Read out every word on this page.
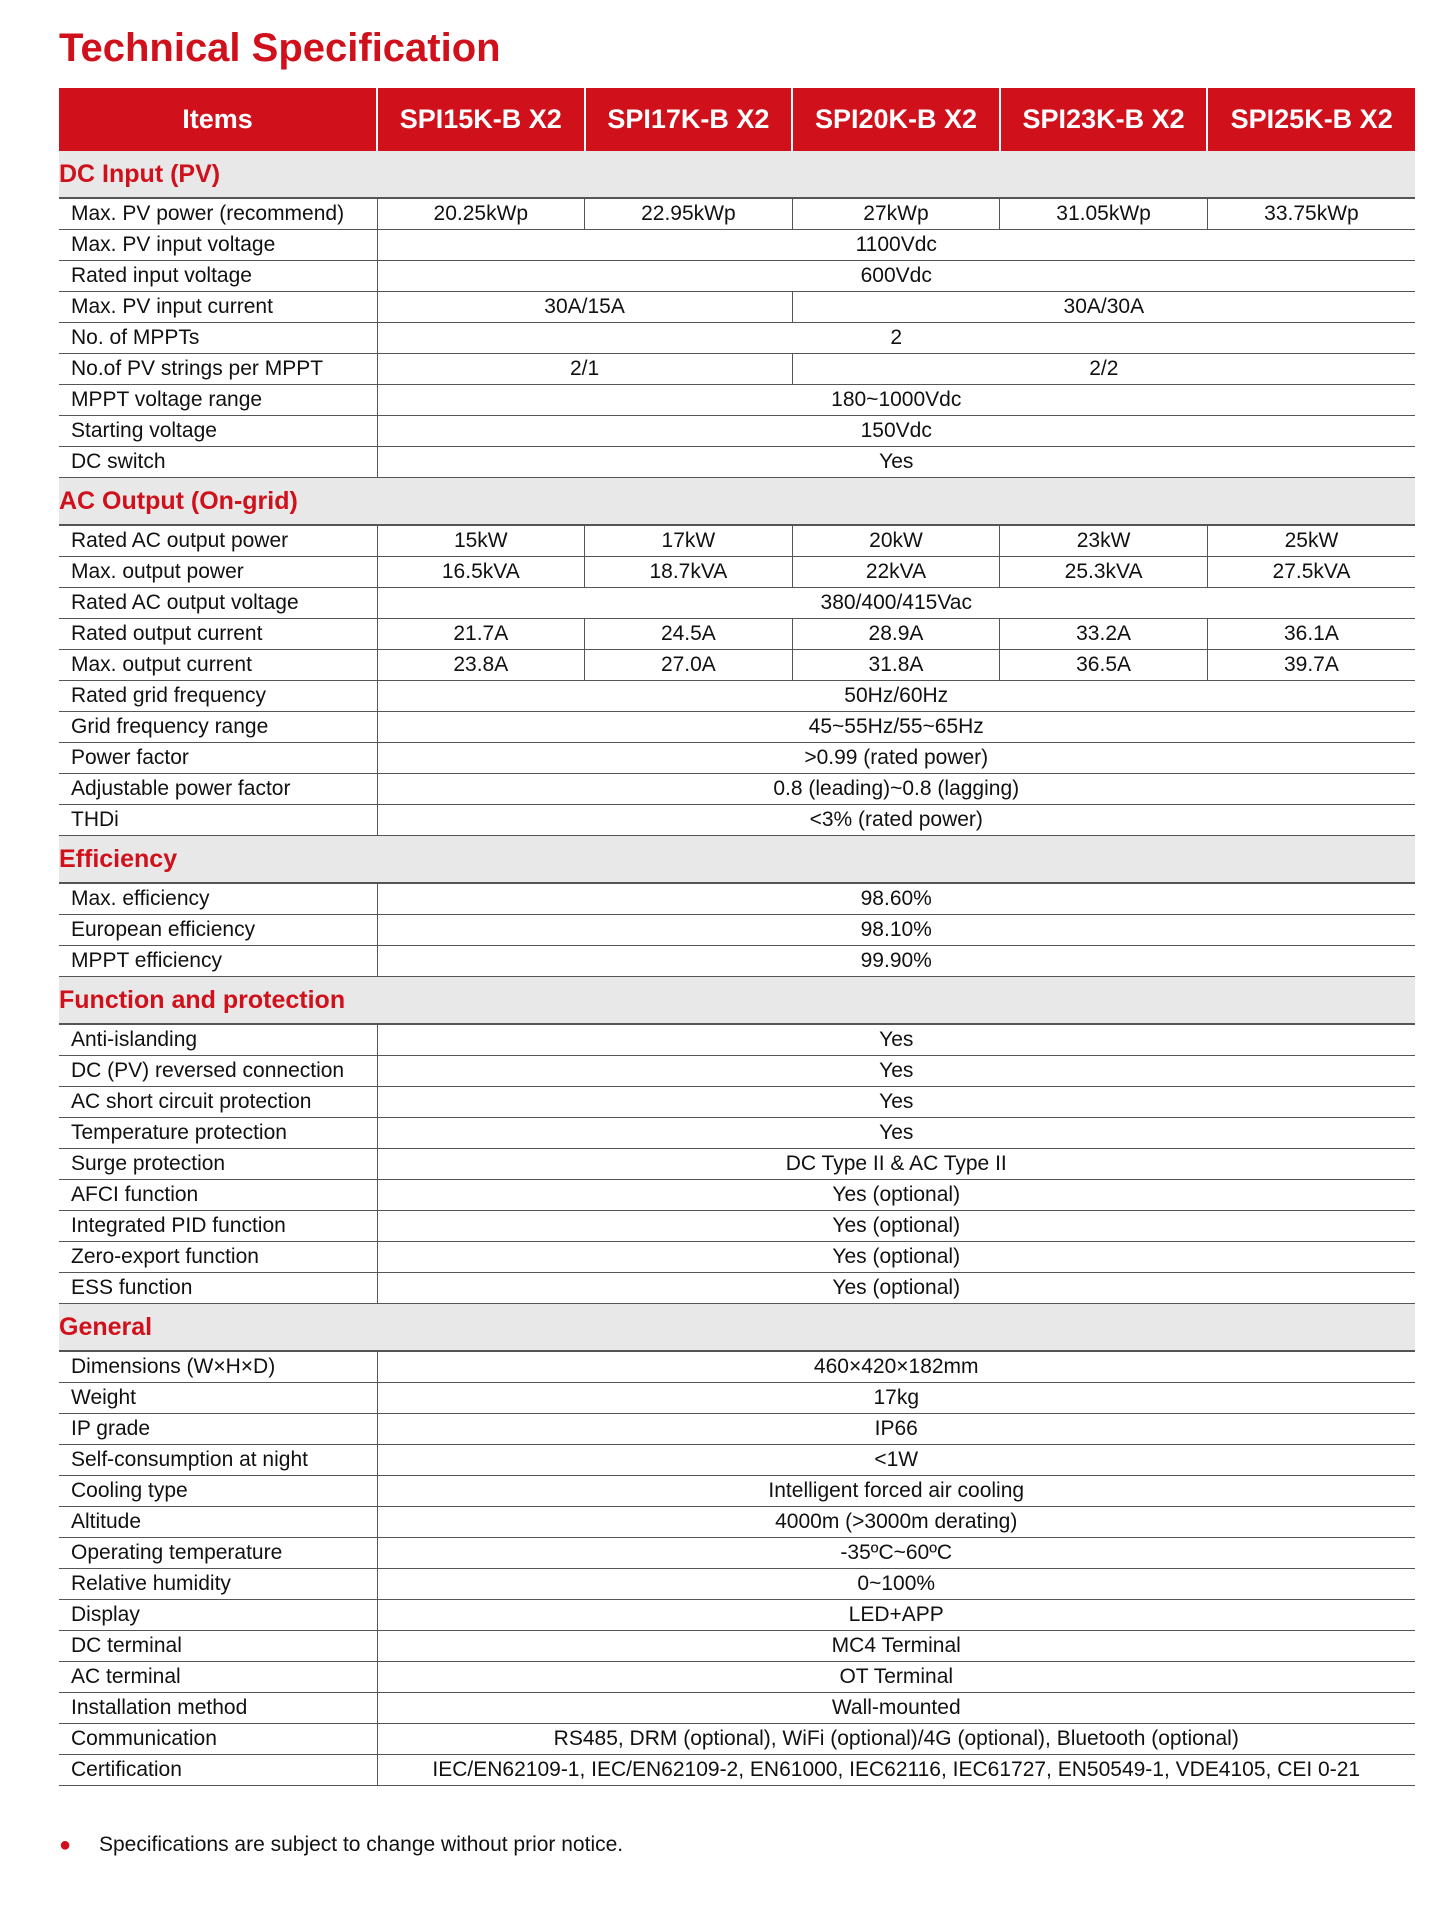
Technical Specification
Items	SPI15K-B X2	SPI17K-B X2	SPI20K-B X2	SPI23K-B X2	SPI25K-B X2
DC Input (PV)					
Max. PV power (recommend)	20.25kWp	22.95kWp	27kWp	31.05kWp	33.75kWp
Max. PV input voltage	1100Vdc				
Rated input voltage	600Vdc				
Max. PV input current	30A/15A		30A/30A		
No. of MPPTs	2				
No.of PV strings per MPPT	2/1		2/2		
MPPT voltage range	180~1000Vdc				
Starting voltage	150Vdc				
DC switch	Yes				
AC Output (On-grid)					
Rated AC output power	15kW	17kW	20kW	23kW	25kW
Max. output power	16.5kVA	18.7kVA	22kVA	25.3kVA	27.5kVA
Rated AC output voltage	380/400/415Vac				
Rated output current	21.7A	24.5A	28.9A	33.2A	36.1A
Max. output current	23.8A	27.0A	31.8A	36.5A	39.7A
Rated grid frequency	50Hz/60Hz				
Grid frequency range	45~55Hz/55~65Hz				
Power factor	>0.99 (rated power)				
Adjustable power factor	0.8 (leading)~0.8 (lagging)				
THDi	<3% (rated power)				
Efficiency					
Max. efficiency	98.60%				
European efficiency	98.10%				
MPPT efficiency	99.90%				
Function and protection					
Anti-islanding	Yes				
DC (PV) reversed connection	Yes				
AC short circuit protection	Yes				
Temperature protection	Yes				
Surge protection	DC Type II & AC Type II				
AFCI function	Yes (optional)				
Integrated PID function	Yes (optional)				
Zero-export function	Yes (optional)				
ESS function	Yes (optional)				
General					
Dimensions (W×H×D)	460×420×182mm				
Weight	17kg				
IP grade	IP66				
Self-consumption at night	<1W				
Cooling type	Intelligent forced air cooling				
Altitude	4000m (>3000m derating)				
Operating temperature	-35ºC~60ºC				
Relative humidity	0~100%				
Display	LED+APP				
DC terminal	MC4 Terminal				
AC terminal	OT Terminal				
Installation method	Wall-mounted				
Communication	RS485, DRM (optional), WiFi (optional)/4G (optional), Bluetooth (optional)				
Certification	IEC/EN62109-1, IEC/EN62109-2, EN61000, IEC62116, IEC61727, EN50549-1, VDE4105, CEI 0-21				
● Specifications are subject to change without prior notice.
